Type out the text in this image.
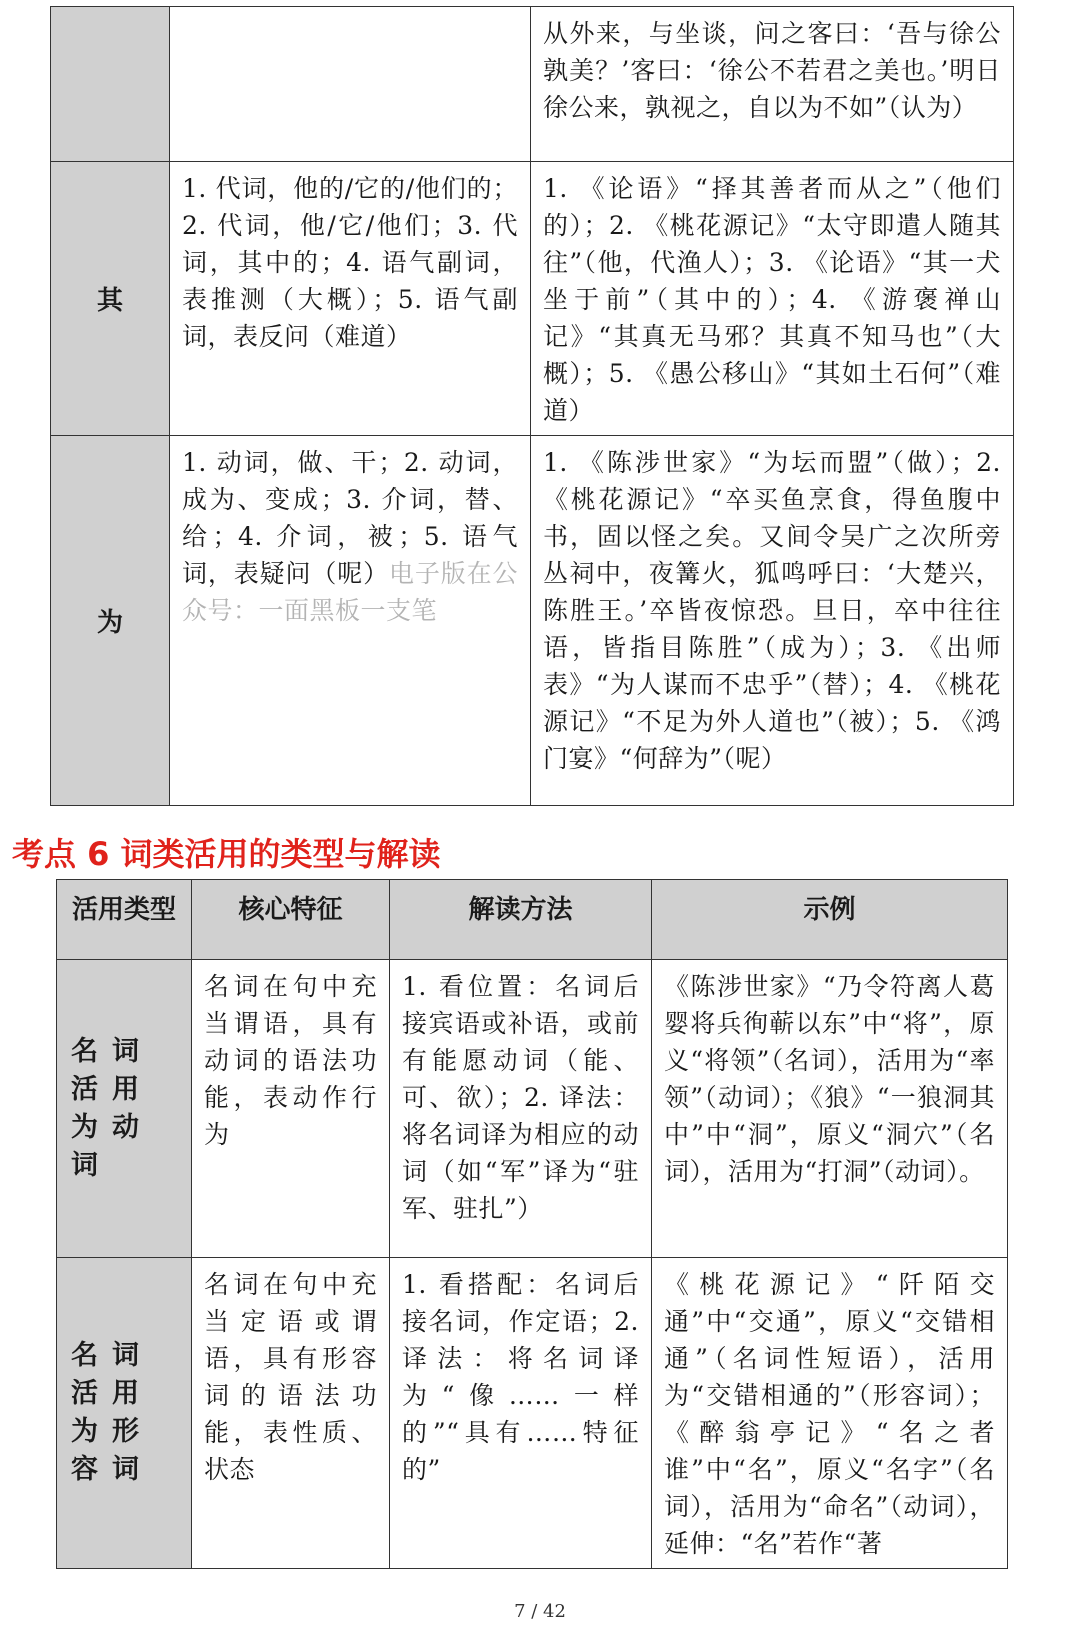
		从外来，与坐谈，问之客曰：‘吾与徐公孰美？’客曰：‘徐公不若君之美也。’明日徐公来，孰视之，自以为不如”（认为）
其	1. 代词，他的/它的/他们的；2. 代词，他/它/他们；3. 代词，其中的；4. 语气副词，表推测（大概）；5. 语气副词，表反问（难道）	1. 《论语》“择其善者而从之”（他们的）；2. 《桃花源记》“太守即遣人随其往”（他，代渔人）；3. 《论语》“其一犬坐于前”（其中的）；4. 《游褒禅山记》“其真无马邪？其真不知马也”（大概）；5. 《愚公移山》“其如土石何”（难道）
为	1. 动词，做、干；2. 动词，成为、变成；3. 介词，替、给；4. 介词，被；5. 语气词，表疑问（呢）电子版在公众号：一面黑板一支笔	1. 《陈涉世家》“为坛而盟”（做）；2. 《桃花源记》“卒买鱼烹食，得鱼腹中书，固以怪之矣。又间令吴广之次所旁丛祠中，夜篝火，狐鸣呼曰：‘大楚兴，陈胜王。’卒皆夜惊恐。旦日，卒中往往语，皆指目陈胜”（成为）；3. 《出师表》“为人谋而不忠乎”（替）；4. 《桃花源记》“不足为外人道也”（被）；5. 《鸿门宴》“何辞为”（呢）
考点 6 词类活用的类型与解读
活用类型	核心特征	解读方法	示例
名词活用为动词	名词在句中充当谓语，具有动词的语法功能，表动作行为	1. 看位置：名词后接宾语或补语，或前有能愿动词（能、可、欲）；2. 译法：将名词译为相应的动词（如“军”译为“驻军、驻扎”）	《陈涉世家》“乃令符离人葛婴将兵徇蕲以东”中“将”，原义“将领”（名词），活用为“率领”（动词）；《狼》“一狼洞其中”中“洞”，原义“洞穴”（名词），活用为“打洞”（动词）。
名词活用为形容词	名词在句中充当定语或谓语，具有形容词的语法功能，表性质、状态	1. 看搭配：名词后接名词，作定语；2. 译法：将名词译为“像……一样的”“具有……特征的”	《桃花源记》“阡陌交通”中“交通”，原义“交错相通”（名词性短语），活用为“交错相通的”（形容词）；《醉翁亭记》“名之者谁”中“名”，原义“名字”（名词），活用为“命名”（动词），延伸：“名”若作“著
7 / 42
